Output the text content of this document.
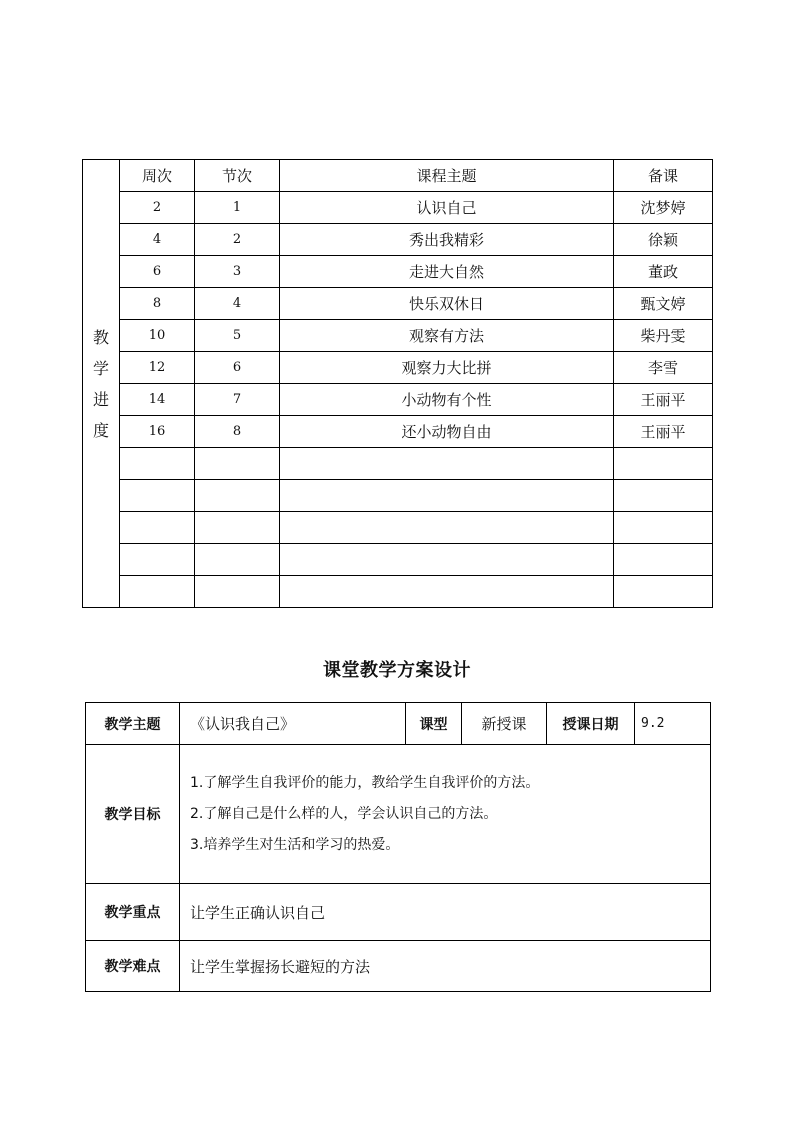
教
学
进
度	周次	节次	课程主题	备课
	2	1	认识自己	沈梦婷
	4	2	秀出我精彩	徐颖
	6	3	走进大自然	董政
	8	4	快乐双休日	甄文婷
	10	5	观察有方法	柴丹雯
	12	6	观察力大比拼	李雪
	14	7	小动物有个性	王丽平
	16	8	还小动物自由	王丽平

课堂教学方案设计
教学主题	《认识我自己》	课型	新授课	授课日期	9.2
教学目标	1.了解学生自我评价的能力，教给学生自我评价的方法。
2.了解自己是什么样的人，学会认识自己的方法。
3.培养学生对生活和学习的热爱。				

教学重点	让学生正确认识自己				
教学难点	让学生掌握扬长避短的方法				
